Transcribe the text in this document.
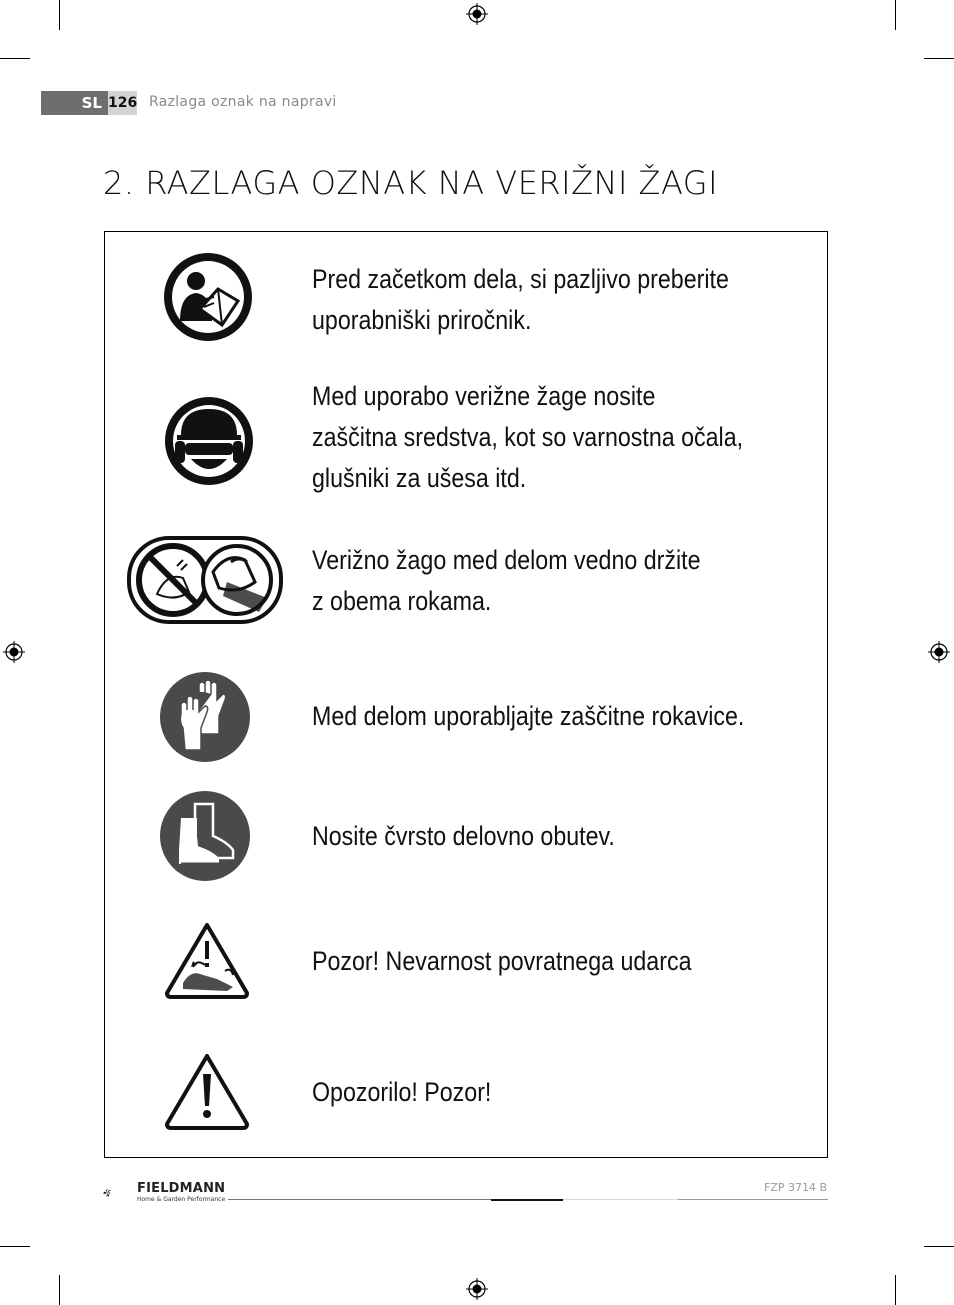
SL 126 Razlaga oznak na napravi
2. RAZLAGA OZNAK NA VERIŽNI ŽAGI
Pred začetkom dela, si pazljivo preberite
uporabniški priročnik.
Med uporabo verižne žage nosite
zaščitna sredstva, kot so varnostna očala,
glušniki za ušesa itd.
Verižno žago med delom vedno držite
z obema rokama.
Med delom uporabljajte zaščitne rokavice.
Nosite čvrsto delovno obutev.
Pozor! Nevarnost povratnega udarca
Opozorilo! Pozor!
FIELDMANN
Home & Garden Performance
FZP 3714 B
